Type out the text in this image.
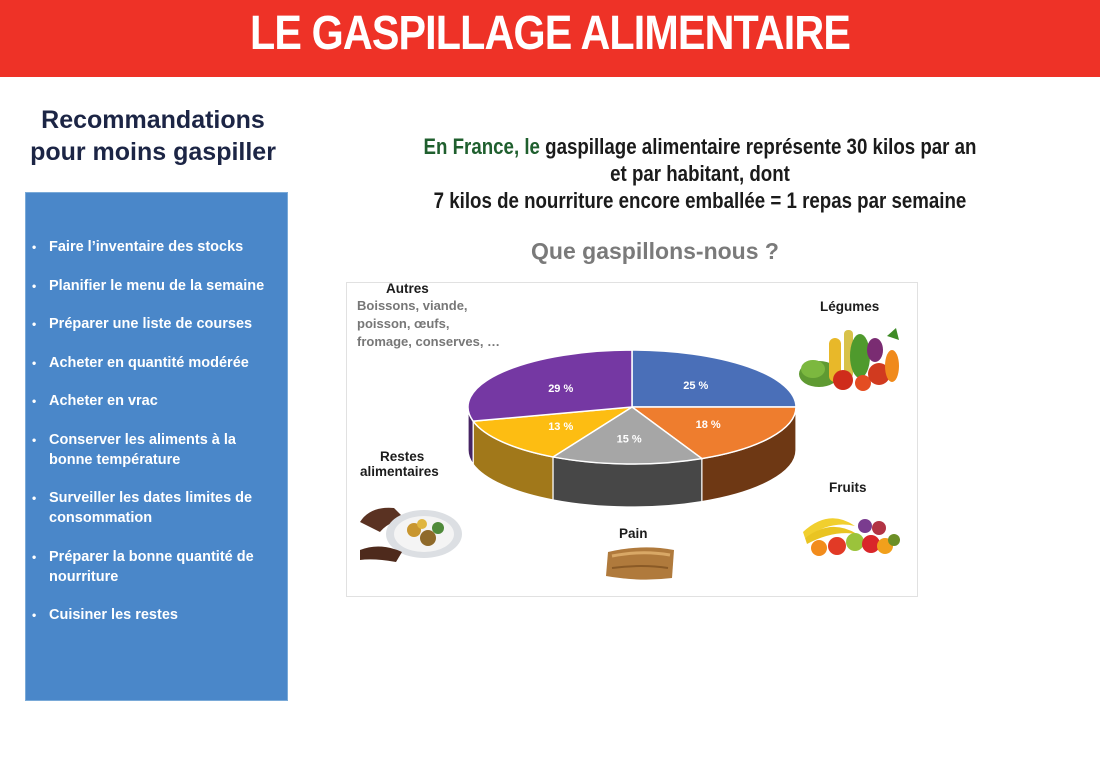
LE GASPILLAGE ALIMENTAIRE
Recommandations
pour moins gaspiller
• Faire l’inventaire des stocks
• Planifier le menu de la semaine
• Préparer une liste de courses
• Acheter en quantité modérée
• Acheter en vrac
• Conserver les aliments à la
bonne température
• Surveiller les dates limites de
consommation
• Préparer la bonne quantité de
nourriture
• Cuisiner les restes
En France, le gaspillage alimentaire représente 30 kilos par an
et par habitant, dont
7 kilos de nourriture encore emballée = 1 repas par semaine
Que gaspillons-nous ?
Autres
Boissons, viande,
poisson, œufs,
fromage, conserves, …
Légumes
Fruits
Pain
Restes
alimentaires
25 %
18 %
15 %
13 %
29 %
